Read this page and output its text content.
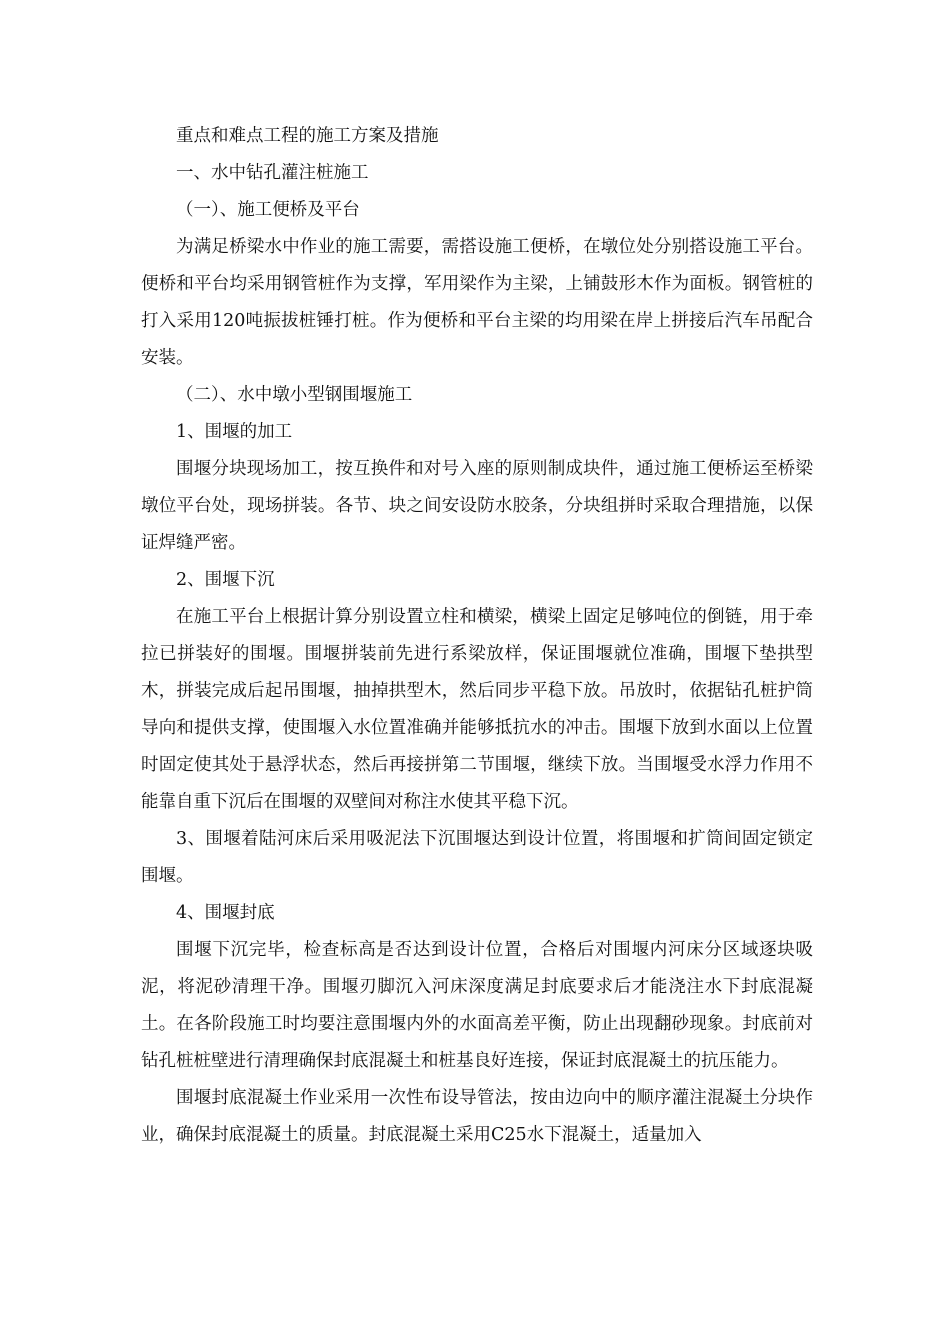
重点和难点工程的施工方案及措施

一、水中钻孔灌注桩施工

（一）、施工便桥及平台

为满足桥梁水中作业的施工需要，需搭设施工便桥，在墩位处分别搭设施工平台。便桥和平台均采用钢管桩作为支撑，军用梁作为主梁，上铺鼓形木作为面板。钢管桩的打入采用120吨振拔桩锤打桩。作为便桥和平台主梁的均用梁在岸上拼接后汽车吊配合安装。

（二）、水中墩小型钢围堰施工

1、围堰的加工

围堰分块现场加工，按互换件和对号入座的原则制成块件，通过施工便桥运至桥梁墩位平台处，现场拼装。各节、块之间安设防水胶条，分块组拼时采取合理措施，以保证焊缝严密。

2、围堰下沉

在施工平台上根据计算分别设置立柱和横梁，横梁上固定足够吨位的倒链，用于牵拉已拼装好的围堰。围堰拼装前先进行系梁放样，保证围堰就位准确，围堰下垫拱型木，拼装完成后起吊围堰，抽掉拱型木，然后同步平稳下放。吊放时，依据钻孔桩护筒导向和提供支撑，使围堰入水位置准确并能够抵抗水的冲击。围堰下放到水面以上位置时固定使其处于悬浮状态，然后再接拼第二节围堰，继续下放。当围堰受水浮力作用不能靠自重下沉后在围堰的双壁间对称注水使其平稳下沉。

3、围堰着陆河床后采用吸泥法下沉围堰达到设计位置，将围堰和扩筒间固定锁定围堰。

4、围堰封底

围堰下沉完毕，检查标高是否达到设计位置，合格后对围堰内河床分区域逐块吸泥，将泥砂清理干净。围堰刃脚沉入河床深度满足封底要求后才能浇注水下封底混凝土。在各阶段施工时均要注意围堰内外的水面高差平衡，防止出现翻砂现象。封底前对钻孔桩桩壁进行清理确保封底混凝土和桩基良好连接，保证封底混凝土的抗压能力。

围堰封底混凝土作业采用一次性布设导管法，按由边向中的顺序灌注混凝土分块作业，确保封底混凝土的质量。封底混凝土采用C25水下混凝土，适量加入
